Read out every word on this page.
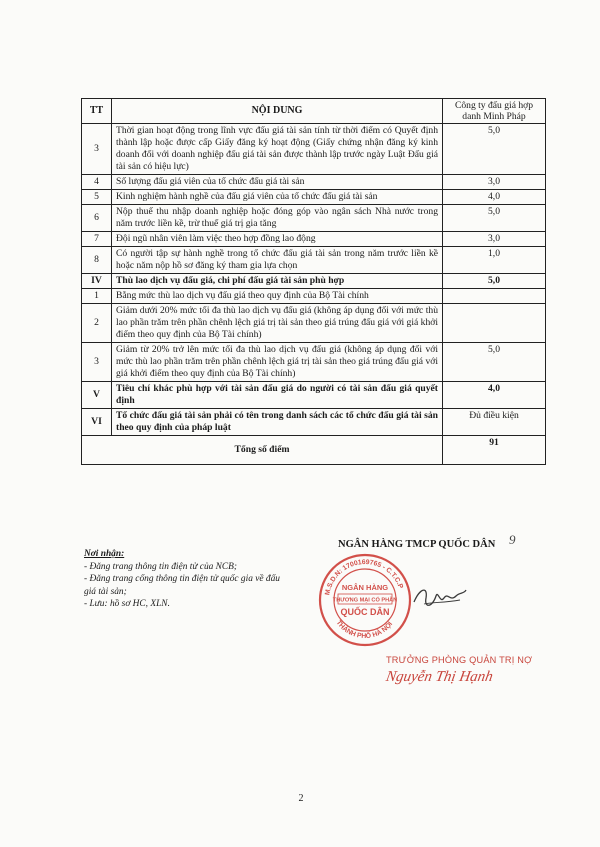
TT	NỘI DUNG	Công ty đấu giá hợp danh Minh Pháp
3	Thời gian hoạt động trong lĩnh vực đấu giá tài sản tính từ thời điểm có Quyết định thành lập hoặc được cấp Giấy đăng ký hoạt động (Giấy chứng nhận đăng ký kinh doanh đối với doanh nghiệp đấu giá tài sản được thành lập trước ngày Luật Đấu giá tài sản có hiệu lực)	5,0
4	Số lượng đấu giá viên của tổ chức đấu giá tài sản	3,0
5	Kinh nghiệm hành nghề của đấu giá viên của tổ chức đấu giá tài sản	4,0
6	Nộp thuế thu nhập doanh nghiệp hoặc đóng góp vào ngân sách Nhà nước trong năm trước liền kề, trừ thuế giá trị gia tăng	5,0
7	Đội ngũ nhân viên làm việc theo hợp đồng lao động	3,0
8	Có người tập sự hành nghề trong tổ chức đấu giá tài sản trong năm trước liền kề hoặc năm nộp hồ sơ đăng ký tham gia lựa chọn	1,0
IV	Thù lao dịch vụ đấu giá, chi phí đấu giá tài sản phù hợp	5,0
1	Bằng mức thù lao dịch vụ đấu giá theo quy định của Bộ Tài chính	
2	Giảm dưới 20% mức tối đa thù lao dịch vụ đấu giá (không áp dụng đối với mức thù lao phần trăm trên phần chênh lệch giá trị tài sản theo giá trúng đấu giá với giá khởi điểm theo quy định của Bộ Tài chính)	
3	Giảm từ 20% trở lên mức tối đa thù lao dịch vụ đấu giá (không áp dụng đối với mức thù lao phần trăm trên phần chênh lệch giá trị tài sản theo giá trúng đấu giá với giá khởi điểm theo quy định của Bộ Tài chính)	5,0
V	Tiêu chí khác phù hợp với tài sản đấu giá do người có tài sản đấu giá quyết định	4,0
VI	Tổ chức đấu giá tài sản phải có tên trong danh sách các tổ chức đấu giá tài sản theo quy định của pháp luật	Đủ điều kiện
Tổng số điểm		91
Nơi nhận:
- Đăng trang thông tin điện tử của NCB;
- Đăng trang cổng thông tin điện tử quốc gia về đấu giá tài sản;
- Lưu: hồ sơ HC, XLN.
NGÂN HÀNG TMCP QUỐC DÂN	9
M.S.D.N: 1700169765 - C.T.C.P
THÀNH PHỐ HÀ NỘI
NGÂN HÀNG
THƯƠNG MẠI CỔ PHẦN
QUỐC DÂN
TRƯỞNG PHÒNG QUẢN TRỊ NỢ
Nguyễn Thị Hạnh
2
